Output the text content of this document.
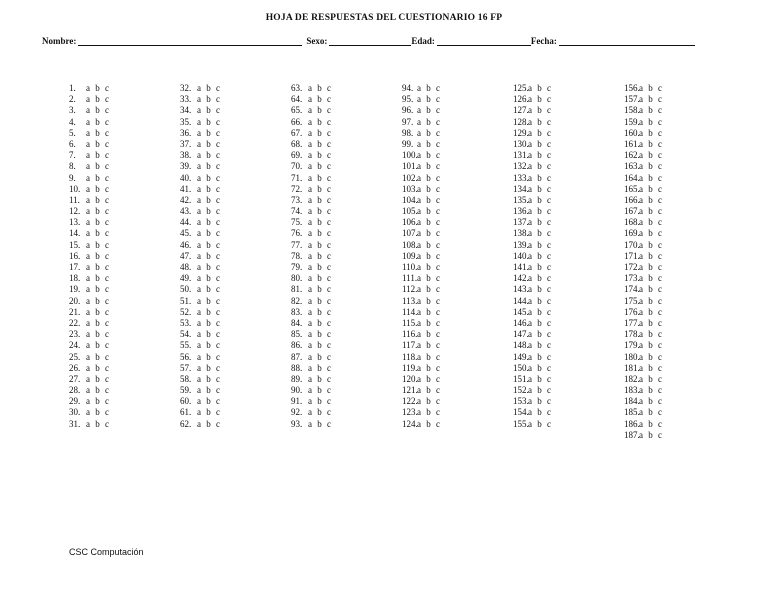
HOJA DE RESPUESTAS DEL CUESTIONARIO 16 FP
Nombre:	Sexo:	Edad:	Fecha:
1.	a b c
2.	a b c
3.	a b c
4.	a b c
5.	a b c
6.	a b c
7.	a b c
8.	a b c
9.	a b c
10. a b c
11. a b c
12. a b c
13. a b c
14. a b c
15. a b c
16. a b c
17. a b c
18. a b c
19. a b c
20. a b c
21. a b c
22. a b c
23. a b c
24. a b c
25. a b c
26. a b c
27. a b c
28. a b c
29. a b c
30. a b c
31. a b c
32. a b c
33. a b c
34. a b c
35. a b c
36. a b c
37. a b c
38. a b c
39. a b c
40. a b c
41. a b c
42. a b c
43. a b c
44. a b c
45. a b c
46. a b c
47. a b c
48. a b c
49. a b c
50. a b c
51. a b c
52. a b c
53. a b c
54. a b c
55. a b c
56. a b c
57. a b c
58. a b c
59. a b c
60. a b c
61. a b c
62. a b c
63. a b c
64. a b c
65. a b c
66. a b c
67. a b c
68. a b c
69. a b c
70. a b c
71. a b c
72. a b c
73. a b c
74. a b c
75. a b c
76. a b c
77. a b c
78. a b c
79. a b c
80. a b c
81. a b c
82. a b c
83. a b c
84. a b c
85. a b c
86. a b c
87. a b c
88. a b c
89. a b c
90. a b c
91. a b c
92. a b c
93. a b c
94. a b c
95. a b c
96. a b c
97. a b c
98. a b c
99. a b c
100. a b c
101. a b c
102. a b c
103. a b c
104. a b c
105. a b c
106. a b c
107. a b c
108. a b c
109. a b c
110. a b c
111. a b c
112. a b c
113. a b c
114. a b c
115. a b c
116. a b c
117. a b c
118. a b c
119. a b c
120. a b c
121. a b c
122. a b c
123. a b c
124. a b c
125. a b c
126. a b c
127. a b c
128. a b c
129. a b c
130. a b c
131. a b c
132. a b c
133. a b c
134. a b c
135. a b c
136. a b c
137. a b c
138. a b c
139. a b c
140. a b c
141. a b c
142. a b c
143. a b c
144. a b c
145. a b c
146. a b c
147. a b c
148. a b c
149. a b c
150. a b c
151. a b c
152. a b c
153. a b c
154. a b c
155. a b c
156. a b c
157. a b c
158. a b c
159. a b c
160. a b c
161. a b c
162. a b c
163. a b c
164. a b c
165. a b c
166. a b c
167. a b c
168. a b c
169. a b c
170. a b c
171. a b c
172. a b c
173. a b c
174. a b c
175. a b c
176. a b c
177. a b c
178. a b c
179. a b c
180. a b c
181. a b c
182. a b c
183. a b c
184. a b c
185. a b c
186. a b c
187. a b c
CSC Computación
